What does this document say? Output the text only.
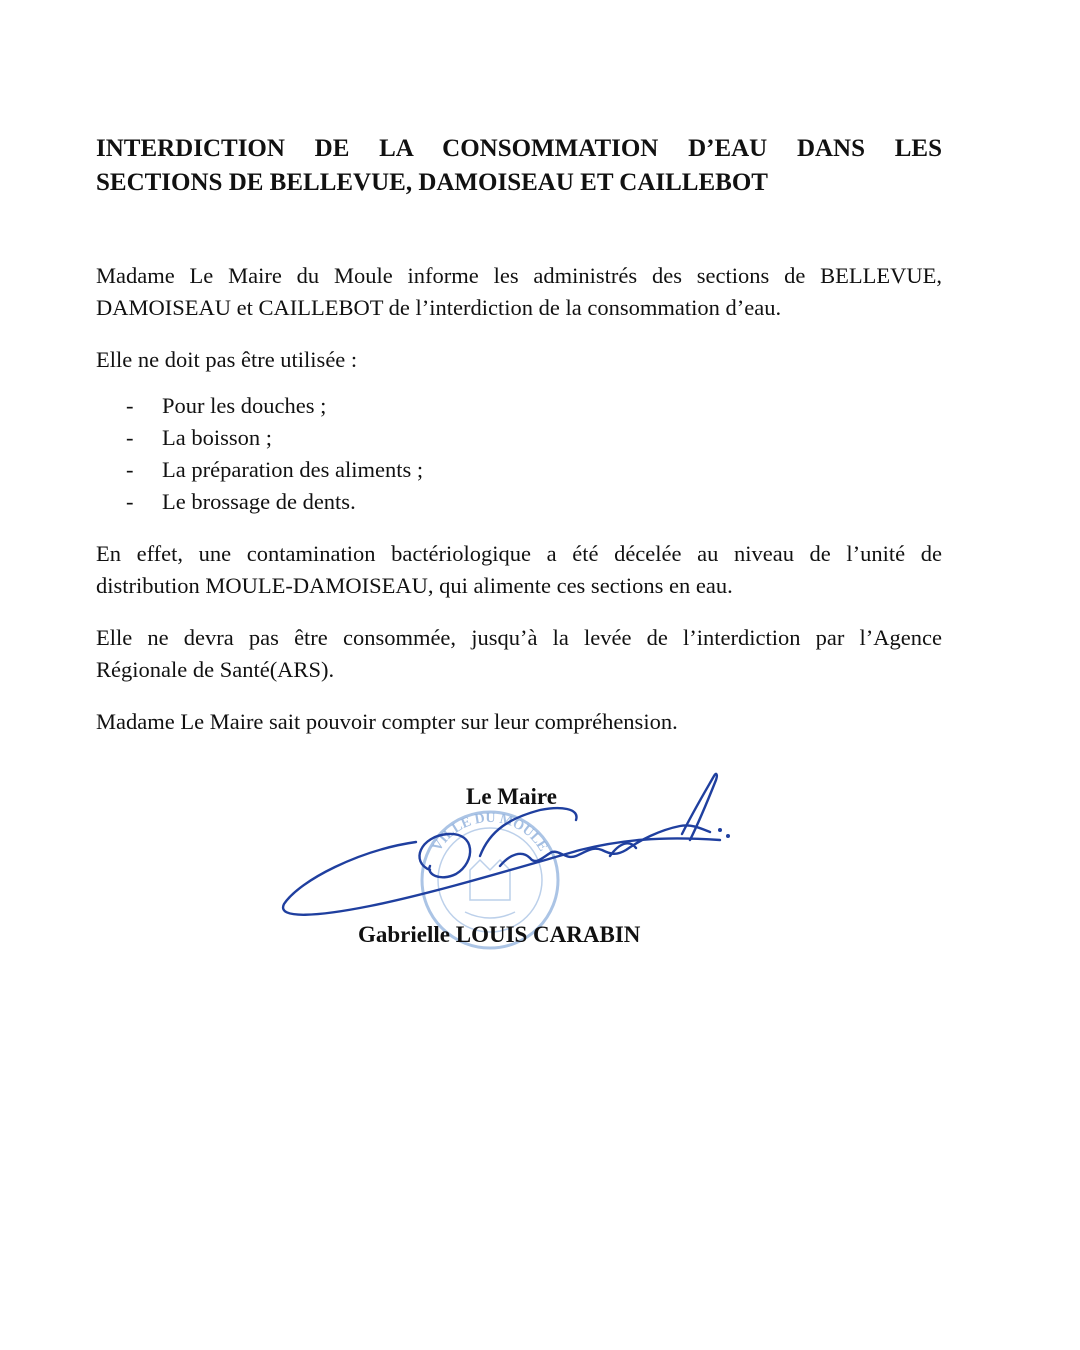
INTERDICTION DE LA CONSOMMATION D’EAU DANS LES
SECTIONS DE BELLEVUE, DAMOISEAU ET CAILLEBOT

Madame Le Maire du Moule informe les administrés des sections de BELLEVUE,
DAMOISEAU et CAILLEBOT de l’interdiction de la consommation d’eau.

Elle ne doit pas être utilisée :

- Pour les douches ;
- La boisson ;
- La préparation des aliments ;
- Le brossage de dents.

En effet, une contamination bactériologique a été décelée au niveau de l’unité de
distribution MOULE-DAMOISEAU, qui alimente ces sections en eau.

Elle ne devra pas être consommée, jusqu’à la levée de l’interdiction par l’Agence
Régionale de Santé(ARS).

Madame Le Maire sait pouvoir compter sur leur compréhension.

VILLE DU MOULE
Le Maire
Gabrielle LOUIS CARABIN
